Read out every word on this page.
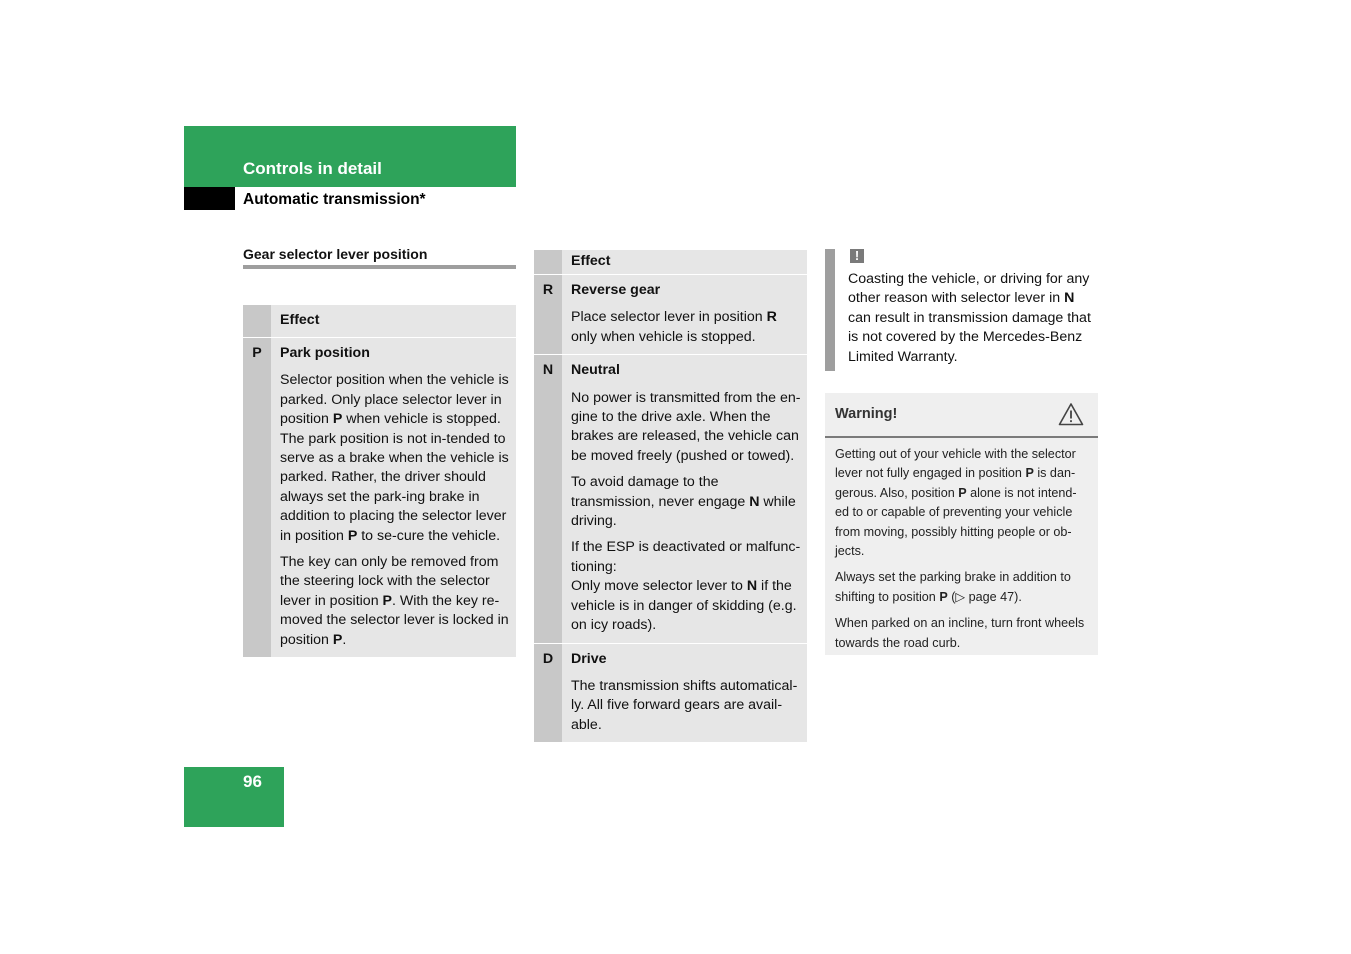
Controls in detail
Automatic transmission*
Gear selector lever position
	Effect

P	Park position
Selector position when the vehicle is parked. Only place selector lever in position P when vehicle is stopped. The park position is not in-tended to serve as a brake when the vehicle is parked. Rather, the driver should always set the park-ing brake in addition to placing the selector lever in position P to se-cure the vehicle.
The key can only be removed from the steering lock with the selector lever in position P. With the key re-moved the selector lever is locked in position P.
	Effect

R	Reverse gear
Place selector lever in position R only when vehicle is stopped.

N	Neutral
No power is transmitted from the en-gine to the drive axle. When the brakes are released, the vehicle can be moved freely (pushed or towed).
To avoid damage to the transmission, never engage N while driving.
If the ESP is deactivated or malfunc-tioning:
Only move selector lever to N if the vehicle is in danger of skidding (e.g. on icy roads).

D	Drive
The transmission shifts automatical-ly. All five forward gears are avail-able.
!
Coasting the vehicle, or driving for any other reason with selector lever in N can result in transmission damage that is not covered by the Mercedes-Benz Limited Warranty.
Warning!
Getting out of your vehicle with the selector lever not fully engaged in position P is dan-gerous. Also, position P alone is not intend-ed to or capable of preventing your vehicle from moving, possibly hitting people or ob-jects.
Always set the parking brake in addition to shifting to position P (▷ page 47).
When parked on an incline, turn front wheels towards the road curb.
96
